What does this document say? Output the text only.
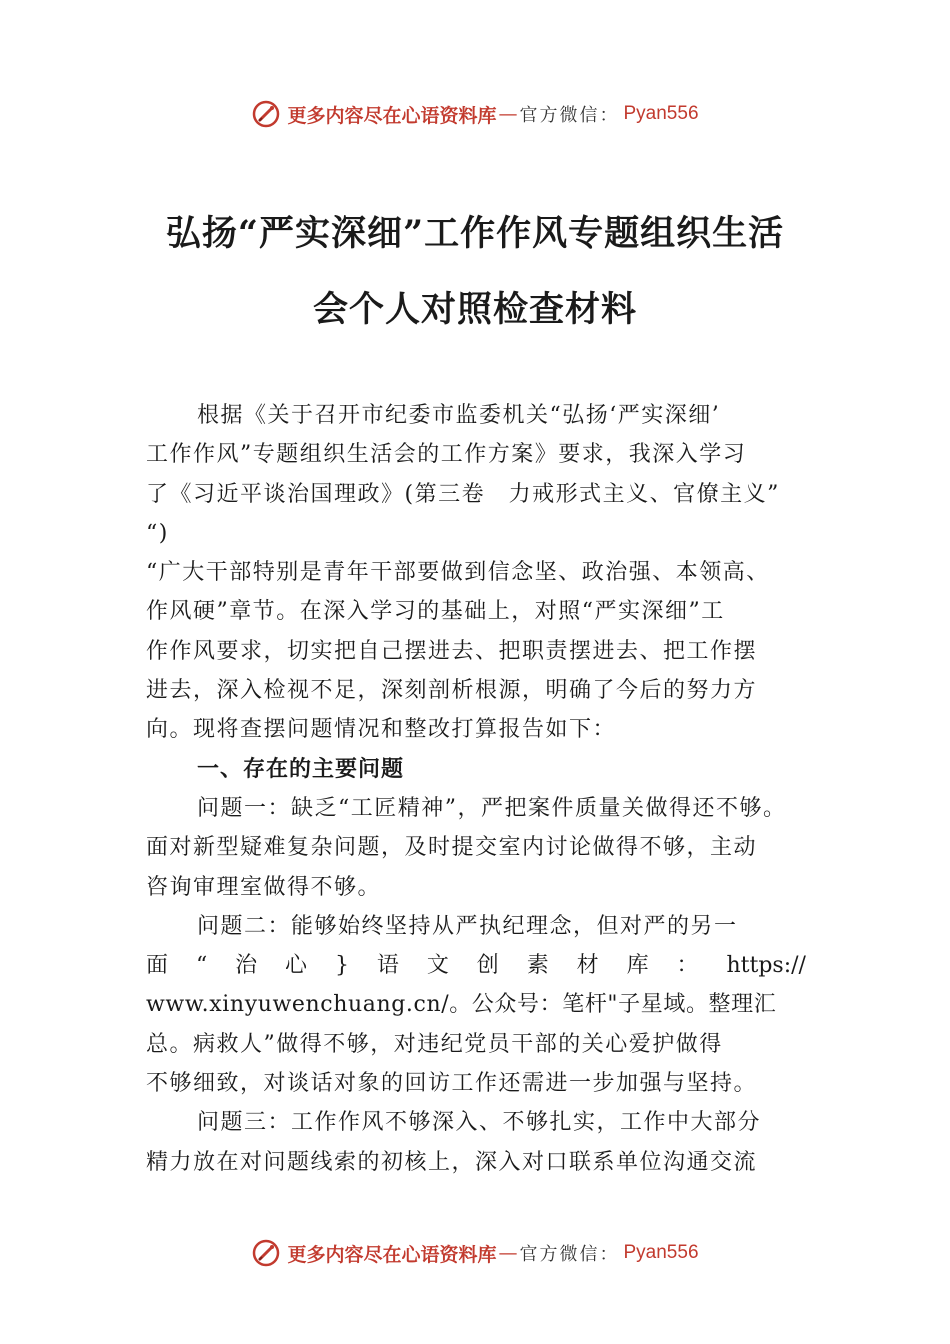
更多内容尽在心语资料库 — 官方微信： Pyan556
弘扬“严实深细”工作作风专题组织生活
会个人对照检查材料
根据《关于召开市纪委市监委机关“弘扬‘严实深细’
工作作风”专题组织生活会的工作方案》要求，我深入学习
了《习近平谈治国理政》(第三卷　力戒形式主义、官僚主义”
“)
“广大干部特别是青年干部要做到信念坚、政治强、本领高、
作风硬”章节。在深入学习的基础上，对照“严实深细”工
作作风要求，切实把自己摆进去、把职责摆进去、把工作摆
进去，深入检视不足，深刻剖析根源，明确了今后的努力方
向。现将查摆问题情况和整改打算报告如下：
一、存在的主要问题
问题一：缺乏“工匠精神”，严把案件质量关做得还不够。
面对新型疑难复杂问题，及时提交室内讨论做得不够，主动
咨询审理室做得不够。
问题二：能够始终坚持从严执纪理念，但对严的另一
面 “ 治 心 } 语 文 创 素 材 库 ： https://
www.xinyuwenchuang.cn/。公众号：笔杆"子星域。整理汇
总。病救人”做得不够，对违纪党员干部的关心爱护做得
不够细致，对谈话对象的回访工作还需进一步加强与坚持。
问题三：工作作风不够深入、不够扎实，工作中大部分
精力放在对问题线索的初核上，深入对口联系单位沟通交流
更多内容尽在心语资料库 — 官方微信： Pyan556
